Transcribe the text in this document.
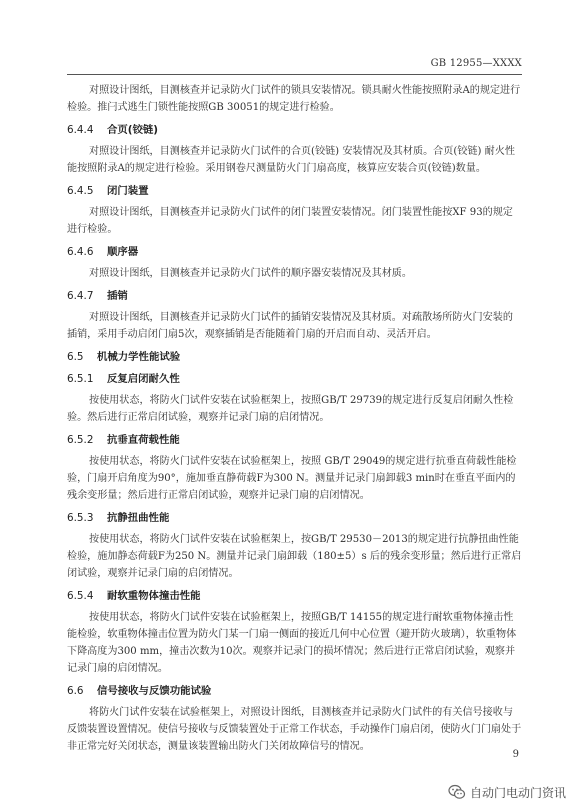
GB 12955—XXXX

对照设计图纸，目测核查并记录防火门试件的锁具安装情况。锁具耐火性能按照附录A的规定进行检验。推闩式逃生门锁性能按照GB 30051的规定进行检验。

6.4.4 合页(铰链)

对照设计图纸，目测核查并记录防火门试件的合页(铰链) 安装情况及其材质。合页(铰链) 耐火性能按照附录A的规定进行检验。采用钢卷尺测量防火门门扇高度，核算应安装合页(铰链)数量。

6.4.5 闭门装置

对照设计图纸，目测核查并记录防火门试件的闭门装置安装情况。闭门装置性能按XF 93的规定进行检验。

6.4.6 顺序器

对照设计图纸，目测核查并记录防火门试件的顺序器安装情况及其材质。

6.4.7 插销

对照设计图纸，目测核查并记录防火门试件的插销安装情况及其材质。对疏散场所防火门安装的插销，采用手动启闭门扇5次，观察插销是否能随着门扇的开启而自动、灵活开启。

6.5 机械力学性能试验
6.5.1 反复启闭耐久性

按使用状态，将防火门试件安装在试验框架上，按照GB/T 29739的规定进行反复启闭耐久性检验。然后进行正常启闭试验，观察并记录门扇的启闭情况。

6.5.2 抗垂直荷载性能

按使用状态，将防火门试件安装在试验框架上，按照 GB/T 29049的规定进行抗垂直荷载性能检验，门扇开启角度为90°，施加垂直静荷载F为300 N。测量并记录门扇卸载3 min时在垂直平面内的残余变形量；然后进行正常启闭试验，观察并记录门扇的启闭情况。

6.5.3 抗静扭曲性能

按使用状态，将防火门试件安装在试验框架上，按GB/T 29530－2013的规定进行抗静扭曲性能检验，施加静态荷载F为250 N。测量并记录门扇卸载（180±5）s 后的残余变形量；然后进行正常启闭试验，观察并记录门扇的启闭情况。

6.5.4 耐软重物体撞击性能

按使用状态，将防火门试件安装在试验框架上，按照GB/T 14155的规定进行耐软重物体撞击性能检验，软重物体撞击位置为防火门某一门扇一侧面的接近几何中心位置（避开防火玻璃），软重物体下降高度为300 mm，撞击次数为10次。观察并记录门的损坏情况；然后进行正常启闭试验，观察并记录门扇的启闭情况。

6.6 信号接收与反馈功能试验

将防火门试件安装在试验框架上，对照设计图纸，目测核查并记录防火门试件的有关信号接收与反馈装置设置情况。使信号接收与反馈装置处于正常工作状态，手动操作门扇启闭，使防火门门扇处于非正常完好关闭状态，测量该装置输出防火门关闭故障信号的情况。

9
自动门电动门资讯
